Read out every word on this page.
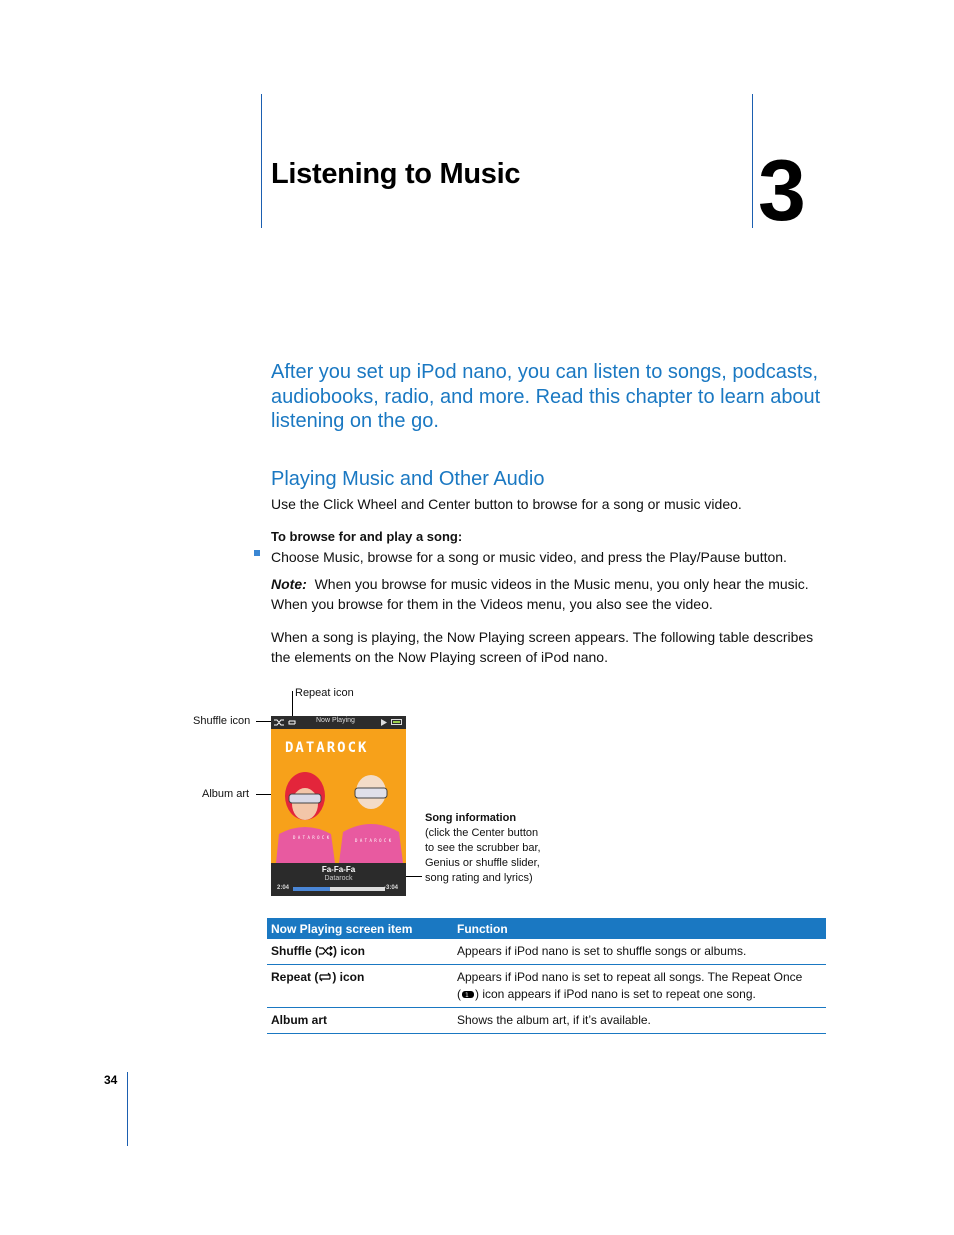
Listening to Music	3
After you set up iPod nano, you can listen to songs, podcasts, audiobooks, radio, and more. Read this chapter to learn about listening on the go.
Playing Music and Other Audio
Use the Click Wheel and Center button to browse for a song or music video.
To browse for and play a song:
Choose Music, browse for a song or music video, and press the Play/Pause button.
Note: When you browse for music videos in the Music menu, you only hear the music. When you browse for them in the Videos menu, you also see the video.
When a song is playing, the Now Playing screen appears. The following table describes the elements on the Now Playing screen of iPod nano.
Repeat icon
Shuffle icon
Album art
Song information
(click the Center button
to see the scrubber bar,
Genius or shuffle slider,
song rating and lyrics)
Now Playing
DATAROCK
D A T A R O C K
D A T A R O C K
Fa-Fa-Fa
Datarock
2:04	-3:04
Now Playing screen item	Function
Shuffle ( ) icon	Appears if iPod nano is set to shuffle songs or albums.
Repeat ( ) icon	Appears if iPod nano is set to repeat all songs. The Repeat Once
( 1 ) icon appears if iPod nano is set to repeat one song.

Album art	Shows the album art, if it’s available.
34
